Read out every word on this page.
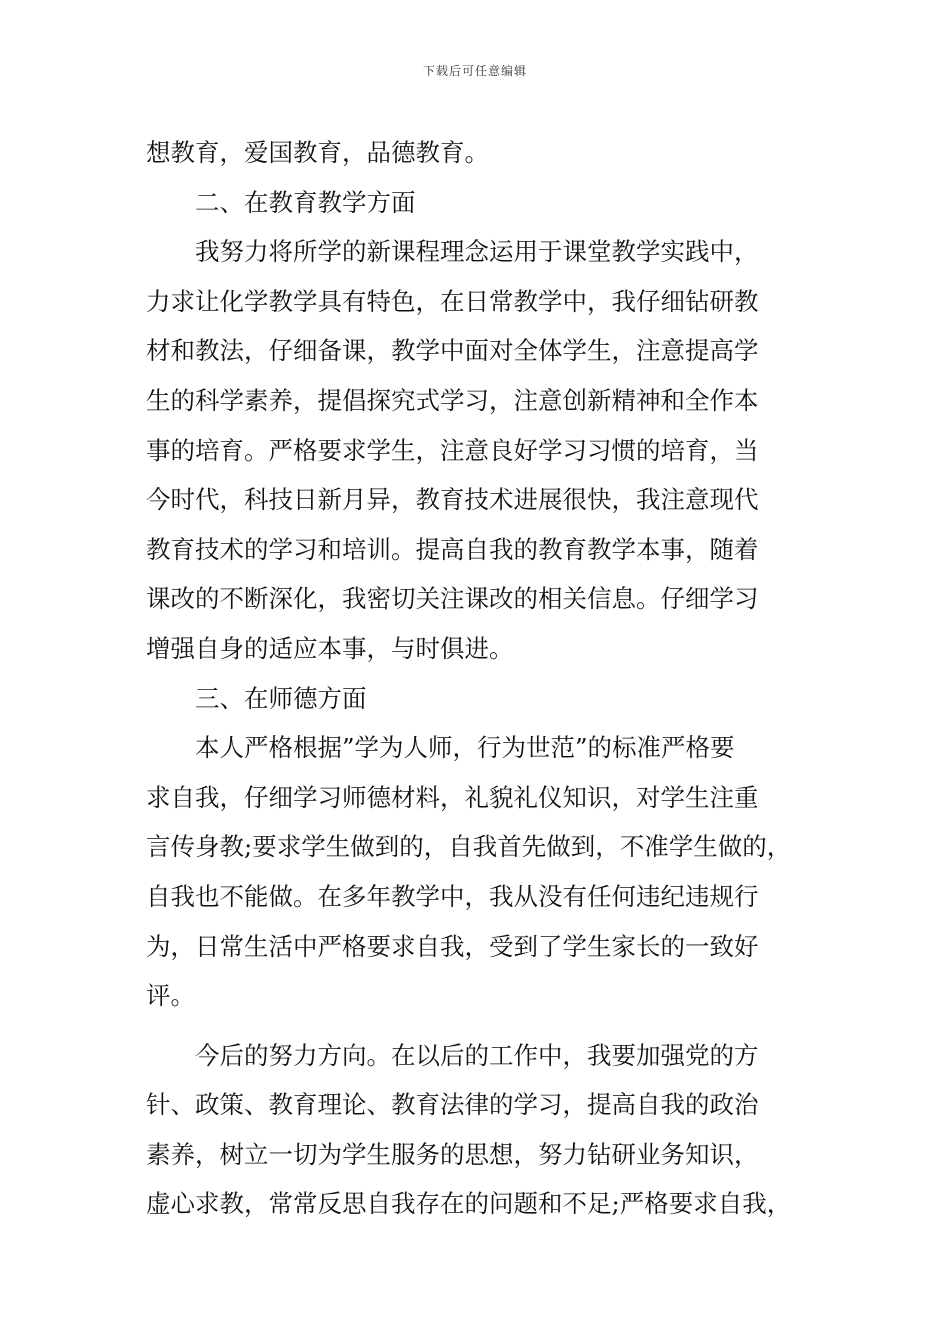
下载后可任意编辑
想教育，爱国教育，品德教育。
二、在教育教学方面
我努力将所学的新课程理念运用于课堂教学实践中，
力求让化学教学具有特色，在日常教学中，我仔细钻研教
材和教法，仔细备课，教学中面对全体学生，注意提高学
生的科学素养，提倡探究式学习，注意创新精神和全作本
事的培育。严格要求学生，注意良好学习习惯的培育，当
今时代，科技日新月异，教育技术进展很快，我注意现代
教育技术的学习和培训。提高自我的教育教学本事，随着
课改的不断深化，我密切关注课改的相关信息。仔细学习
增强自身的适应本事，与时俱进。
三、在师德方面
本人严格根据”学为人师，行为世范”的标准严格要
求自我，仔细学习师德材料，礼貌礼仪知识，对学生注重
言传身教;要求学生做到的，自我首先做到，不准学生做的，
自我也不能做。在多年教学中，我从没有任何违纪违规行
为，日常生活中严格要求自我，受到了学生家长的一致好
评。
今后的努力方向。在以后的工作中，我要加强党的方
针、政策、教育理论、教育法律的学习，提高自我的政治
素养，树立一切为学生服务的思想，努力钻研业务知识，
虚心求教，常常反思自我存在的问题和不足;严格要求自我，
